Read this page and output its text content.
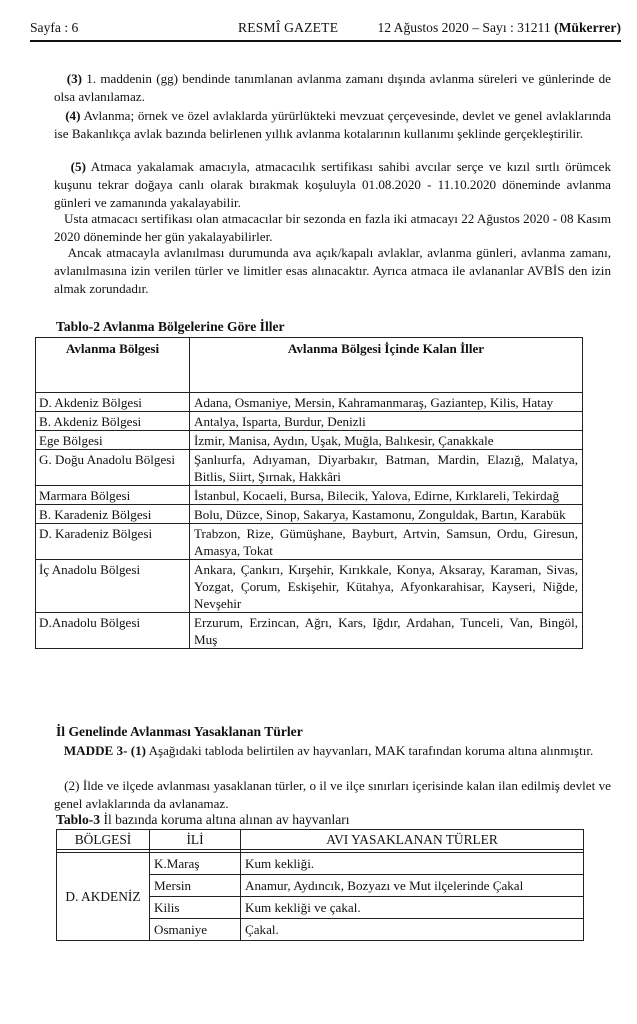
Sayfa : 6	RESMÎ GAZETE	12 Ağustos 2020 – Sayı : 31211 (Mükerrer)
(3) 1. maddenin (gg) bendinde tanımlanan avlanma zamanı dışında avlanma süreleri ve günlerinde de olsa avlanılamaz.
(4) Avlanma; örnek ve özel avlaklarda yürürlükteki mevzuat çerçevesinde, devlet ve genel avlaklarında ise Bakanlıkça avlak bazında belirlenen yıllık avlanma kotalarının kullanımı şeklinde gerçekleştirilir.
(5) Atmaca yakalamak amacıyla, atmacacılık sertifikası sahibi avcılar serçe ve kızıl sırtlı örümcek kuşunu tekrar doğaya canlı olarak bırakmak koşuluyla 01.08.2020 - 11.10.2020 döneminde avlanma günleri ve zamanında yakalayabilir.
Usta atmacacı sertifikası olan atmacacılar bir sezonda en fazla iki atmacayı 22 Ağustos 2020 - 08 Kasım 2020 döneminde her gün yakalayabilirler.
Ancak atmacayla avlanılması durumunda ava açık/kapalı avlaklar, avlanma günleri, avlanma zamanı, avlanılmasına izin verilen türler ve limitler esas alınacaktır. Ayrıca atmaca ile avlananlar AVBİS den izin almak zorundadır.
Tablo-2 Avlanma Bölgelerine Göre İller
Avlanma Bölgesi	Avlanma Bölgesi İçinde Kalan İller
D. Akdeniz Bölgesi	Adana, Osmaniye, Mersin, Kahramanmaraş, Gaziantep, Kilis, Hatay
B. Akdeniz Bölgesi	Antalya, Isparta, Burdur, Denizli
Ege Bölgesi	İzmir, Manisa, Aydın, Uşak, Muğla, Balıkesir, Çanakkale
G. Doğu Anadolu Bölgesi	Şanlıurfa, Adıyaman, Diyarbakır, Batman, Mardin, Elazığ, Malatya, Bitlis, Siirt, Şırnak, Hakkâri
Marmara Bölgesi	İstanbul, Kocaeli, Bursa, Bilecik, Yalova, Edirne, Kırklareli, Tekirdağ
B. Karadeniz Bölgesi	Bolu, Düzce, Sinop, Sakarya, Kastamonu, Zonguldak, Bartın, Karabük
D. Karadeniz Bölgesi	Trabzon, Rize, Gümüşhane, Bayburt, Artvin, Samsun, Ordu, Giresun, Amasya, Tokat
İç Anadolu Bölgesi	Ankara, Çankırı, Kırşehir, Kırıkkale, Konya, Aksaray, Karaman, Sivas, Yozgat, Çorum, Eskişehir, Kütahya, Afyonkarahisar, Kayseri, Niğde, Nevşehir
D.Anadolu Bölgesi	Erzurum, Erzincan, Ağrı, Kars, Iğdır, Ardahan, Tunceli, Van, Bingöl, Muş
İl Genelinde Avlanması Yasaklanan Türler
MADDE 3- (1) Aşağıdaki tabloda belirtilen av hayvanları, MAK tarafından koruma altına alınmıştır.
(2) İlde ve ilçede avlanması yasaklanan türler, o il ve ilçe sınırları içerisinde kalan ilan edilmiş devlet ve genel avlaklarında da avlanamaz.
Tablo-3 İl bazında koruma altına alınan av hayvanları
BÖLGESİ	İLİ	AVI YASAKLANAN TÜRLER

D. AKDENİZ	K.Maraş	Kum kekliği.
	Mersin	Anamur, Aydıncık, Bozyazı ve Mut ilçelerinde Çakal
	Kilis	Kum kekliği ve çakal.
	Osmaniye	Çakal.
